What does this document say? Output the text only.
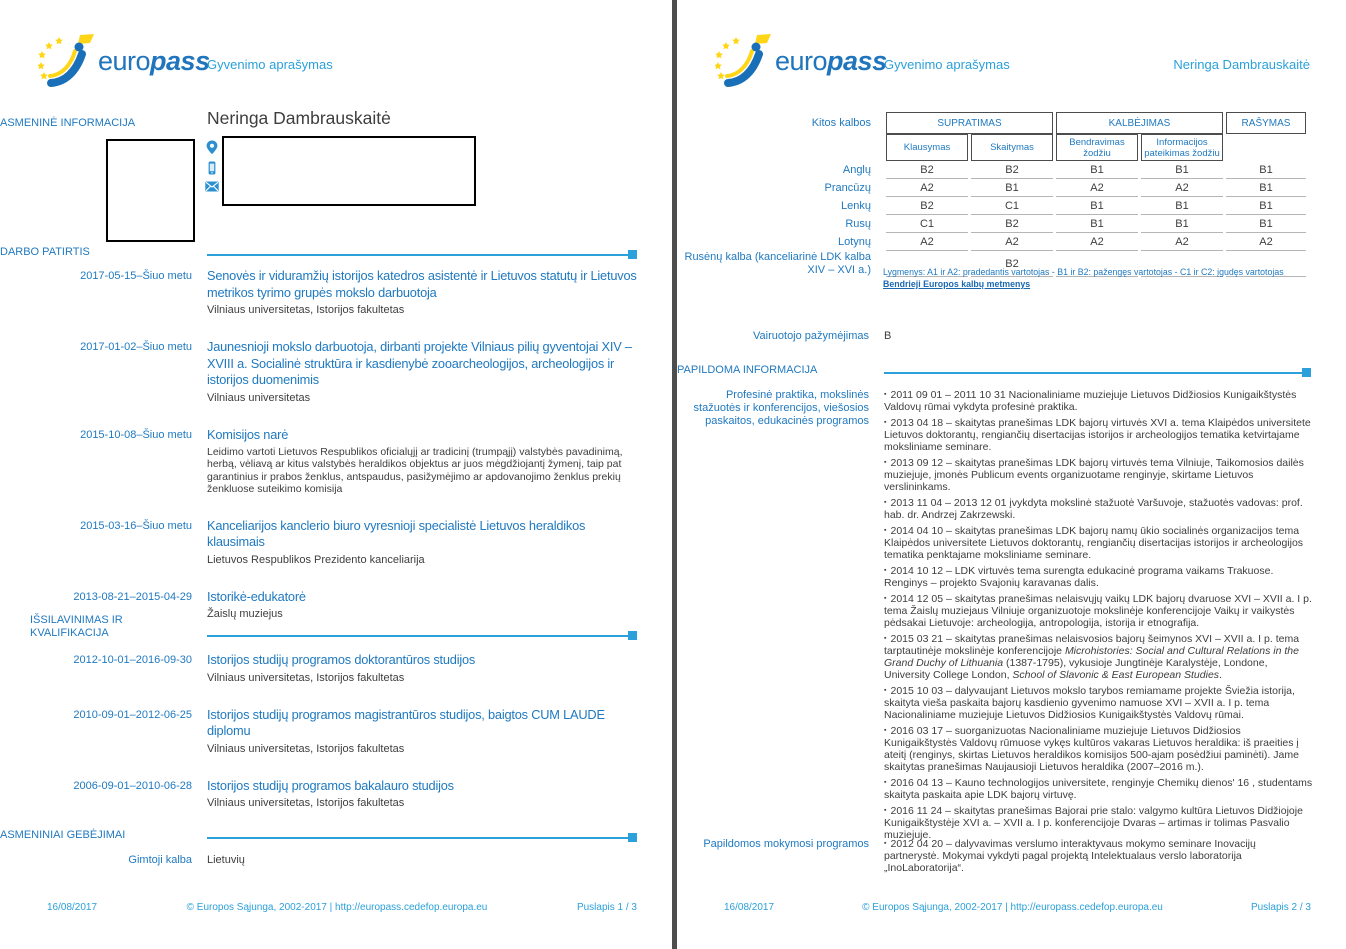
europass
Gyvenimo aprašymas
ASMENINĖ INFORMACIJA	Neringa Dambrauskaitė
DARBO PATIRTIS
2017-05-15–Šiuo metu Senovės ir viduramžių istorijos katedros asistentė ir Lietuvos statutų ir Lietuvos metrikos tyrimo grupės mokslo darbuotoja
Vilniaus universitetas, Istorijos fakultetas
2017-01-02–Šiuo metu Jaunesnioji mokslo darbuotoja, dirbanti projekte Vilniaus pilių gyventojai XIV – XVIII a. Socialinė struktūra ir kasdienybė zooarcheologijos, archeologijos ir istorijos duomenimis
Vilniaus universitetas
2015-10-08–Šiuo metu Komisijos narė
Leidimo vartoti Lietuvos Respublikos oficialųjį ar tradicinį (trumpąjį) valstybės pavadinimą, herbą, vėliavą ar kitus valstybės heraldikos objektus ar juos mėgdžiojantį žymenį, taip pat garantinius ir prabos ženklus, antspaudus, pasižymėjimo ar apdovanojimo ženklus prekių ženkluose suteikimo komisija
2015-03-16–Šiuo metu Kanceliarijos kanclerio biuro vyresnioji specialistė Lietuvos heraldikos klausimais
Lietuvos Respublikos Prezidento kanceliarija
2013-08-21–2015-04-29 Istorikė-edukatorė
Žaislų muziejus
IŠSILAVINIMAS IR KVALIFIKACIJA
2012-10-01–2016-09-30 Istorijos studijų programos doktorantūros studijos
Vilniaus universitetas, Istorijos fakultetas
2010-09-01–2012-06-25 Istorijos studijų programos magistrantūros studijos, baigtos CUM LAUDE diplomu
Vilniaus universitetas, Istorijos fakultetas
2006-09-01–2010-06-28 Istorijos studijų programos bakalauro studijos
Vilniaus universitetas, Istorijos fakultetas
ASMENINIAI GEBĖJIMAI
Gimtoji kalba Lietuvių
16/08/2017	© Europos Sąjunga, 2002-2017 | http://europass.cedefop.europa.eu	Puslapis 1 / 3
europass
Gyvenimo aprašymas	Neringa Dambrauskaitė
Kitos kalbos	SUPRATIMAS		KALBĖJIMAS		RAŠYMAS
	Klausymas	Skaitymas	Bendravimas žodžiu	Informacijos pateikimas žodžiu	
Anglų	B2	B2	B1	B1	B1
Prancūzų	A2	B1	A2	A2	B1
Lenkų	B2	C1	B1	B1	B1
Rusų	C1	B2	B1	B1	B1
Lotynų	A2	A2	A2	A2	A2
Rusėnų kalba (kanceliarinė LDK kalba XIV – XVI a.)		B2			
Lygmenys: A1 ir A2: pradedantis vartotojas - B1 ir B2: pažengęs vartotojas - C1 ir C2: įgudęs vartotojas
Bendrieji Europos kalbų metmenys
Vairuotojo pažymėjimas B
PAPILDOMA INFORMACIJA
Profesinė praktika, mokslinės stažuotės ir konferencijos, viešosios paskaitos, edukacinės programos

▪ 2011 09 01 – 2011 10 31 Nacionaliniame muziejuje Lietuvos Didžiosios Kunigaikštystės Valdovų rūmai vykdyta profesinė praktika.

▪ 2013 04 18 – skaitytas pranešimas LDK bajorų virtuvės XVI a. tema Klaipėdos universitete Lietuvos doktorantų, rengiančių disertacijas istorijos ir archeologijos tematika ketvirtajame moksliniame seminare.

▪ 2013 09 12 – skaitytas pranešimas LDK bajorų virtuvės tema Vilniuje, Taikomosios dailės muziejuje, įmonės Publicum events organizuotame renginyje, skirtame Lietuvos verslininkams.

▪ 2013 11 04 – 2013 12 01 įvykdyta mokslinė stažuotė Varšuvoje, stažuotės vadovas: prof. hab. dr. Andrzej Zakrzewski.

▪ 2014 04 10 – skaitytas pranešimas LDK bajorų namų ūkio socialinės organizacijos tema Klaipėdos universitete Lietuvos doktorantų, rengiančių disertacijas istorijos ir archeologijos tematika penktajame moksliniame seminare.

▪ 2014 10 12 – LDK virtuvės tema surengta edukacinė programa vaikams Trakuose. Renginys – projekto Svajonių karavanas dalis.

▪ 2014 12 05 – skaitytas pranešimas nelaisvųjų vaikų LDK bajorų dvaruose XVI – XVII a. I p. tema Žaislų muziejaus Vilniuje organizuotoje mokslinėje konferencijoje Vaikų ir vaikystės pėdsakai Lietuvoje: archeologija, antropologija, istorija ir etnografija.

▪ 2015 03 21 – skaitytas pranešimas nelaisvosios bajorų šeimynos XVI – XVII a. I p. tema tarptautinėje mokslinėje konferencijoje Microhistories: Social and Cultural Relations in the Grand Duchy of Lithuania (1387-1795), vykusioje Jungtinėje Karalystėje, Londone, University College London, School of Slavonic & East European Studies.

▪ 2015 10 03 – dalyvaujant Lietuvos mokslo tarybos remiamame projekte Šviežia istorija, skaityta vieša paskaita bajorų kasdienio gyvenimo namuose XVI – XVII a. I p. tema Nacionaliniame muziejuje Lietuvos Didžiosios Kunigaikštystės Valdovų rūmai.

▪ 2016 03 17 – suorganizuotas Nacionaliniame muziejuje Lietuvos Didžiosios Kunigaikštystės Valdovų rūmuose vykęs kultūros vakaras Lietuvos heraldika: iš praeities į ateitį (renginys, skirtas Lietuvos heraldikos komisijos 500-ajam posėdžiui paminėti). Jame skaitytas pranešimas Naujausioji Lietuvos heraldika (2007–2016 m.).

▪ 2016 04 13 – Kauno technologijos universitete, renginyje Chemikų dienos' 16 , studentams skaityta paskaita apie LDK bajorų virtuvę.

▪ 2016 11 24 – skaitytas pranešimas Bajorai prie stalo: valgymo kultūra Lietuvos Didžiojoje Kunigaikštystėje XVI a. – XVII a. I p. konferencijoje Dvaras – artimas ir tolimas Pasvalio muziejuje.

Papildomos mokymosi programos ▪ 2012 04 20 – dalyvavimas verslumo interaktyvaus mokymo seminare Inovacijų partnerystė. Mokymai vykdyti pagal projektą Intelektualaus verslo laboratorija „InoLaboratorija“.

16/08/2017	© Europos Sąjunga, 2002-2017 | http://europass.cedefop.europa.eu	Puslapis 2 / 3
